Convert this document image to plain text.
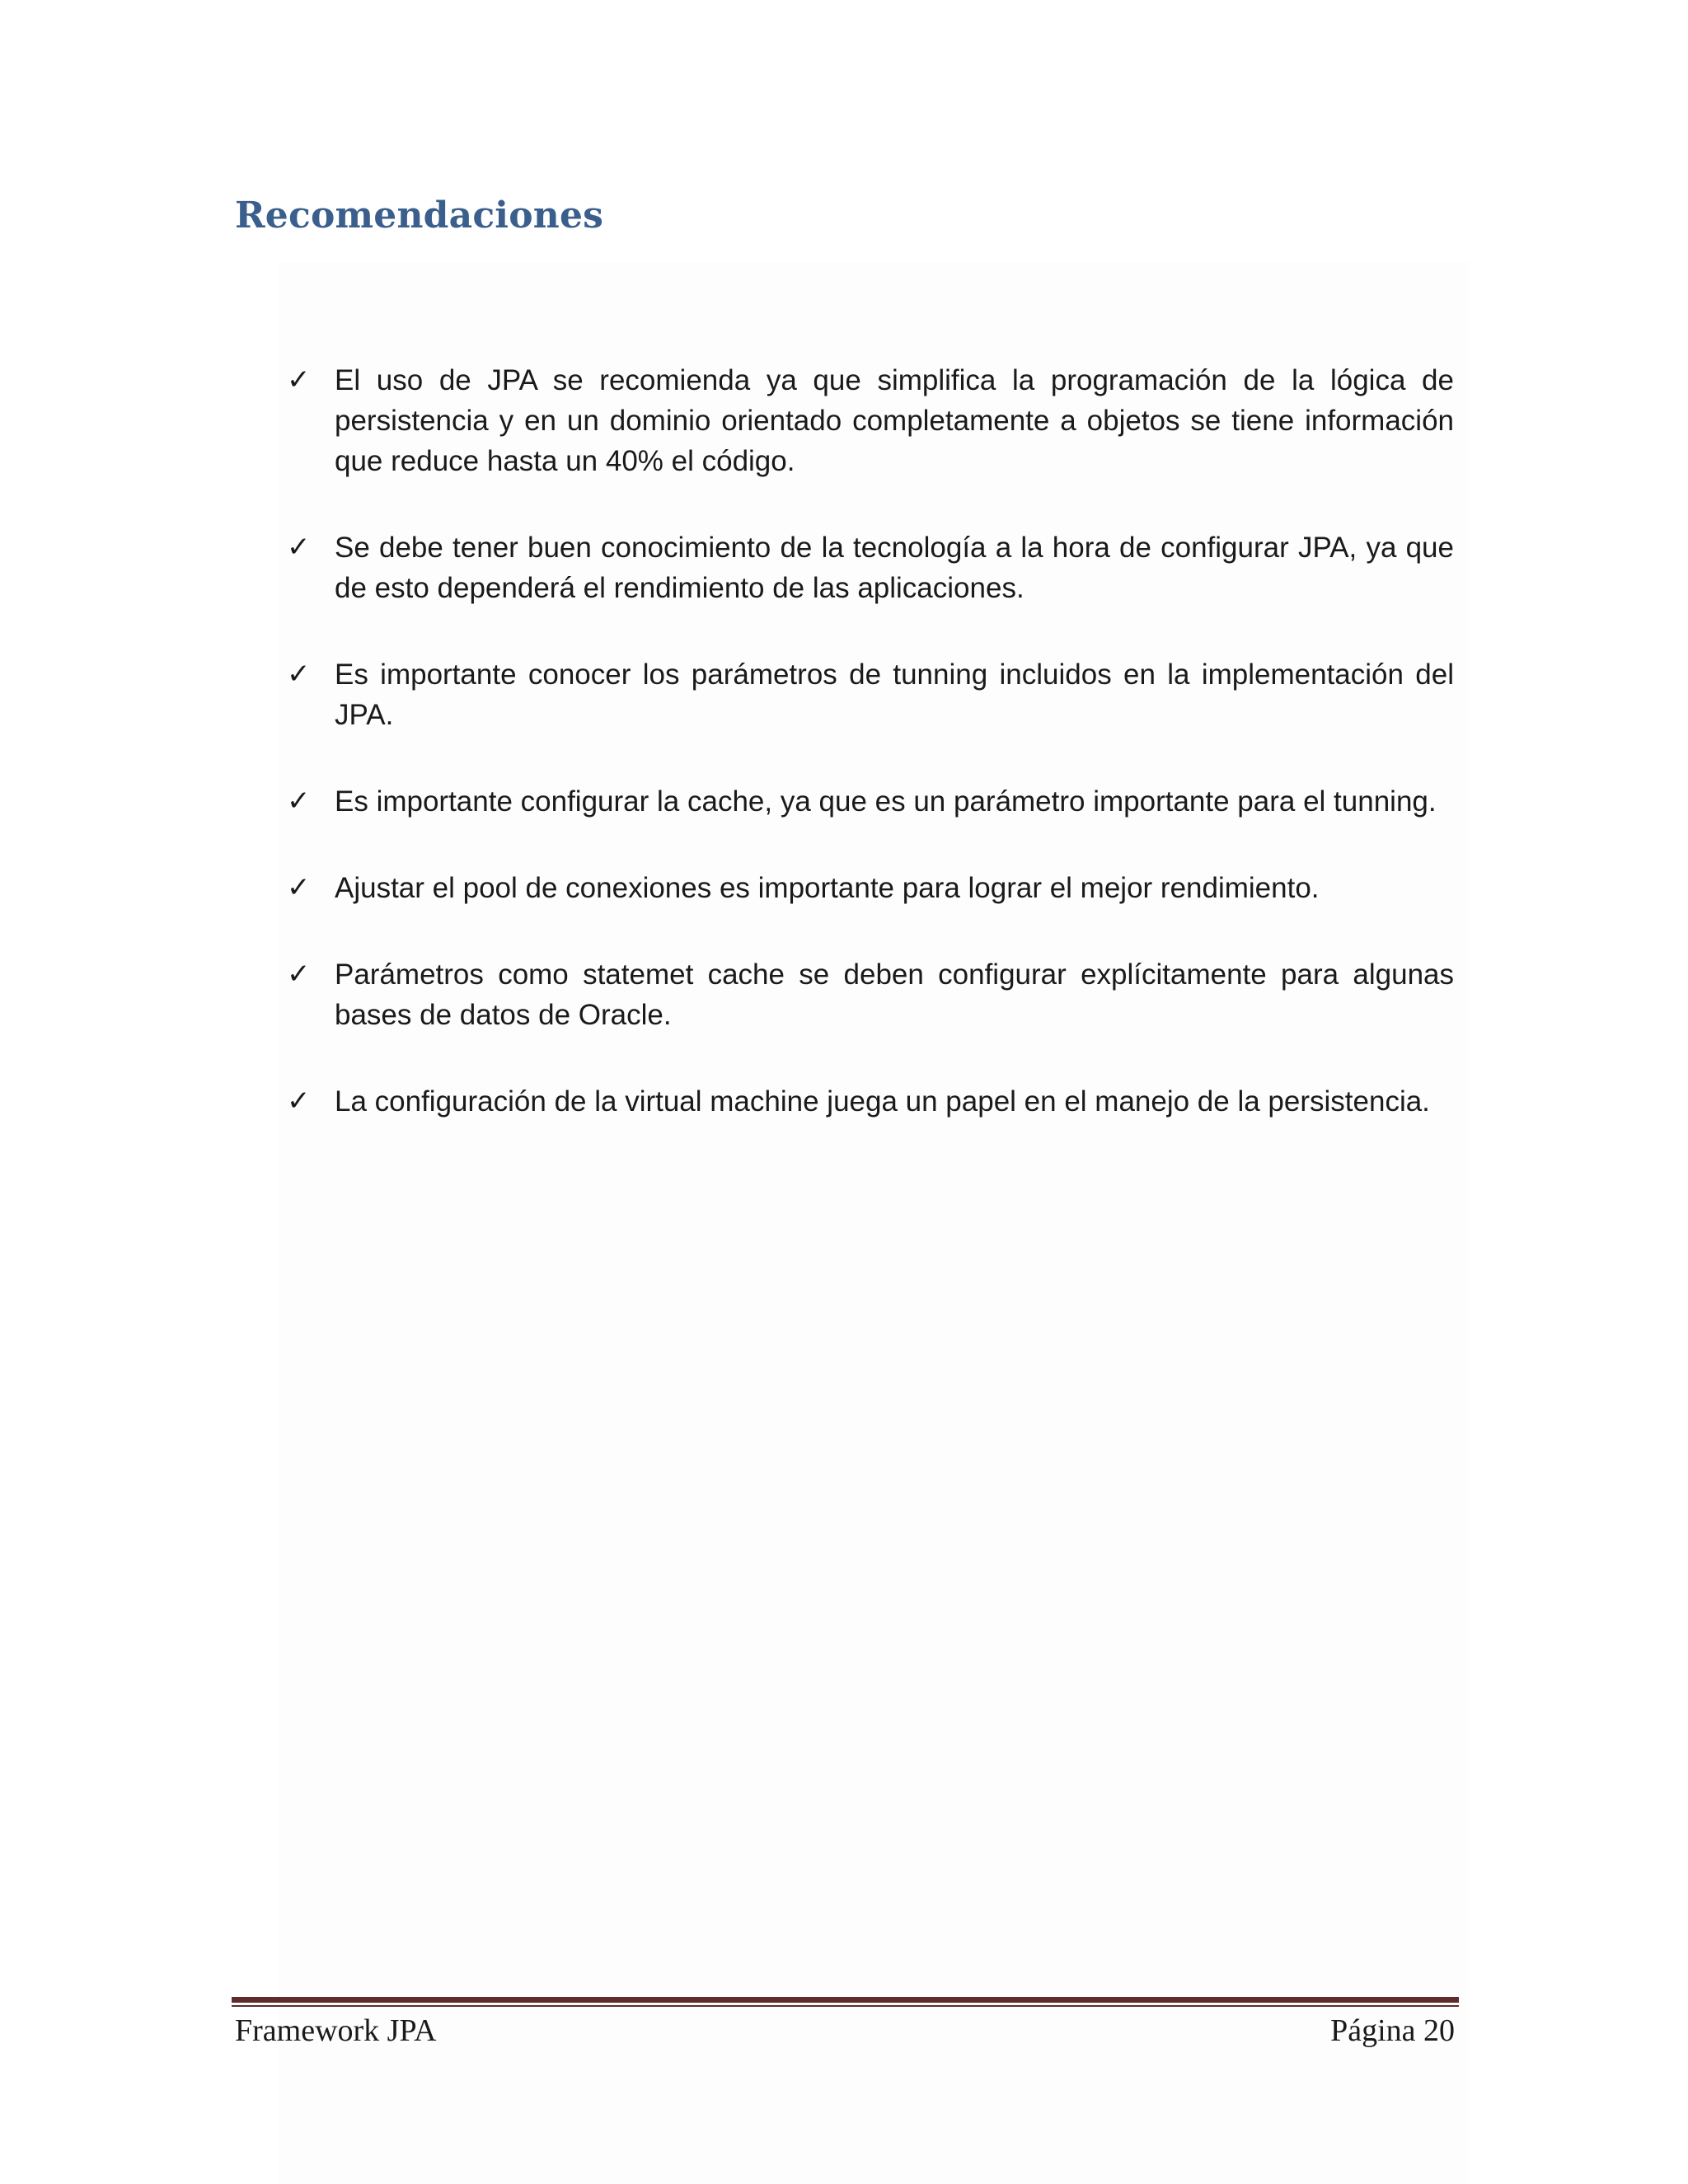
Recomendaciones
✓ El uso de JPA se recomienda ya que simplifica la programación de la lógica de persistencia y en un dominio orientado completamente a objetos se tiene información que reduce hasta un 40% el código.
✓ Se debe tener buen conocimiento de la tecnología a la hora de configurar JPA, ya que de esto dependerá el rendimiento de las aplicaciones.
✓ Es importante conocer los parámetros de tunning incluidos en la implementación del JPA.
✓ Es importante configurar la cache, ya que es un parámetro importante para el tunning.
✓ Ajustar el pool de conexiones es importante para lograr el mejor rendimiento.
✓ Parámetros como statemet cache se deben configurar explícitamente para algunas bases de datos de Oracle.
✓ La configuración de la virtual machine juega un papel en el manejo de la persistencia.
Framework JPA	Página 20
